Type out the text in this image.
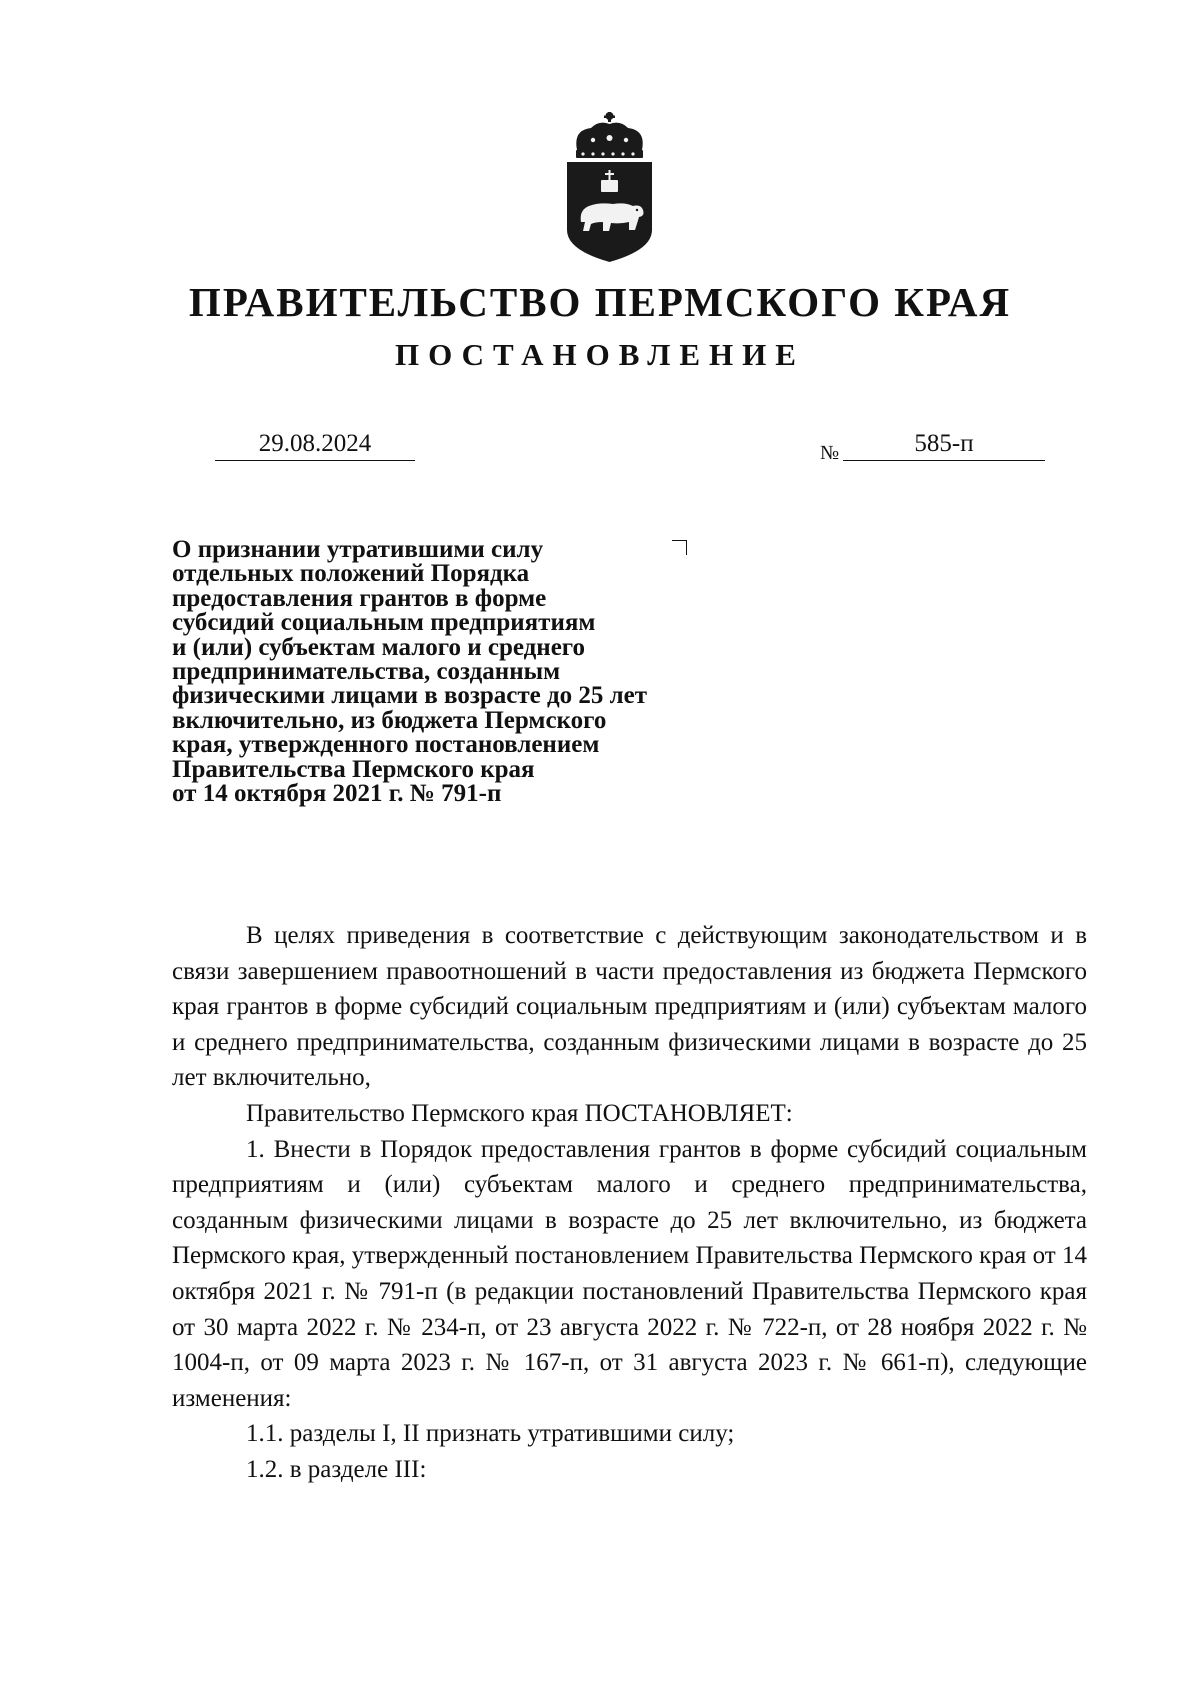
ПРАВИТЕЛЬСТВО ПЕРМСКОГО КРАЯ
ПОСТАНОВЛЕНИЕ
29.08.2024	№	585-п
О признании утратившими силу
отдельных положений Порядка
предоставления грантов в форме
субсидий социальным предприятиям
и (или) субъектам малого и среднего
предпринимательства, созданным
физическими лицами в возрасте до 25 лет
включительно, из бюджета Пермского
края, утвержденного постановлением
Правительства Пермского края
от 14 октября 2021 г. № 791-п

В целях приведения в соответствие с действующим законодательством и в связи завершением правоотношений в части предоставления из бюджета Пермского края грантов в форме субсидий социальным предприятиям и (или) субъектам малого и среднего предпринимательства, созданным физическими лицами в возрасте до 25 лет включительно,

Правительство Пермского края ПОСТАНОВЛЯЕТ:

1. Внести в Порядок предоставления грантов в форме субсидий социальным предприятиям и (или) субъектам малого и среднего предпринимательства, созданным физическими лицами в возрасте до 25 лет включительно, из бюджета Пермского края, утвержденный постановлением Правительства Пермского края от 14 октября 2021 г. № 791-п (в редакции постановлений Правительства Пермского края от 30 марта 2022 г. № 234-п, от 23 августа 2022 г. № 722-п, от 28 ноября 2022 г. № 1004-п, от 09 марта 2023 г. № 167-п, от 31 августа 2023 г. № 661-п), следующие изменения:

1.1. разделы I, II признать утратившими силу;

1.2. в разделе III:
